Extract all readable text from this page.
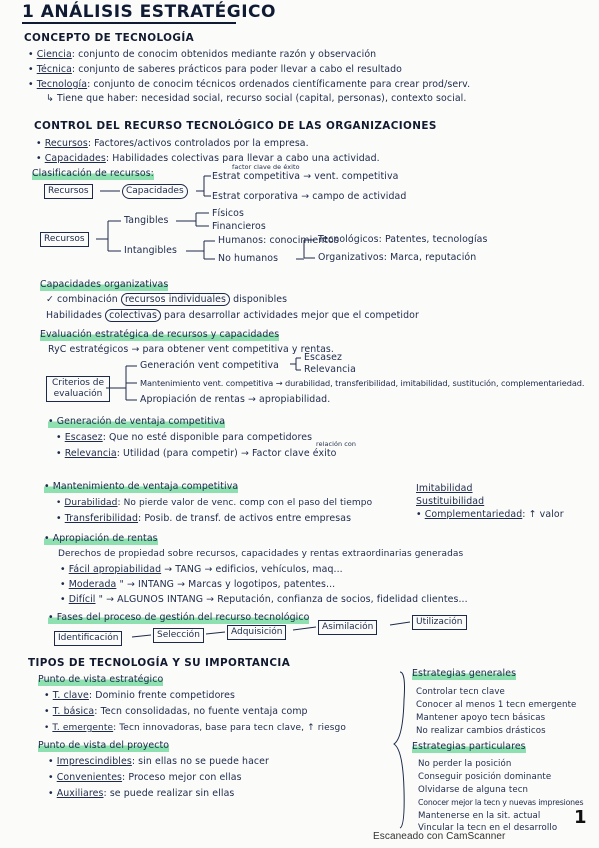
1 ANÁLISIS ESTRATÉGICO
CONCEPTO DE TECNOLOGÍA
• Ciencia: conjunto de conocim obtenidos mediante razón y observación
• Técnica: conjunto de saberes prácticos para poder llevar a cabo el resultado
• Tecnología: conjunto de conocim técnicos ordenados científicamente para crear prod/serv.
↳ Tiene que haber: necesidad social, recurso social (capital, personas), contexto social.
CONTROL DEL RECURSO TECNOLÓGICO DE LAS ORGANIZACIONES
• Recursos: Factores/activos controlados por la empresa.
• Capacidades: Habilidades colectivas para llevar a cabo una actividad.
Clasificación de recursos:
Recursos	Capacidades
factor clave de éxito
Estrat competitiva → vent. competitiva
Estrat corporativa → campo de actividad
Recursos
Tangibles
Físicos
Financieros
Intangibles
Humanos: conocimientos
No humanos
Tecnológicos: Patentes, tecnologías
Organizativos: Marca, reputación
Capacidades organizativas
✓ combinación recursos individuales disponibles
Habilidades colectivas para desarrollar actividades mejor que el competidor
Evaluación estratégica de recursos y capacidades
RyC estratégicos → para obtener vent competitiva y rentas.
Criterios de evaluación
Generación vent competitiva
Escasez
Relevancia
Mantenimiento vent. competitiva → durabilidad, transferibilidad, imitabilidad, sustitución, complementariedad.
Apropiación de rentas → apropiabilidad.
• Generación de ventaja competitiva
• Escasez: Que no esté disponible para competidores
relación con
• Relevancia: Utilidad (para competir) → Factor clave éxito
• Mantenimiento de ventaja competitiva
• Durabilidad: No pierde valor de venc. comp con el paso del tiempo
• Transferibilidad: Posib. de transf. de activos entre empresas
Imitabilidad
Sustituibilidad
• Complementariedad: ↑ valor
• Apropiación de rentas
Derechos de propiedad sobre recursos, capacidades y rentas extraordinarias generadas
• Fácil apropiabilidad → TANG → edificios, vehículos, maq...
• Moderada " → INTANG → Marcas y logotipos, patentes...
• Difícil " → ALGUNOS INTANG → Reputación, confianza de socios, fidelidad clientes...
• Fases del proceso de gestión del recurso tecnológico
Identificación	Selección	Adquisición	Asimilación	Utilización
TIPOS DE TECNOLOGÍA Y SU IMPORTANCIA
Punto de vista estratégico
• T. clave: Dominio frente competidores
• T. básica: Tecn consolidadas, no fuente ventaja comp
• T. emergente: Tecn innovadoras, base para tecn clave, ↑ riesgo
Punto de vista del proyecto
• Imprescindibles: sin ellas no se puede hacer
• Convenientes: Proceso mejor con ellas
• Auxiliares: se puede realizar sin ellas
Estrategias generales
Controlar tecn clave
Conocer al menos 1 tecn emergente
Mantener apoyo tecn básicas
No realizar cambios drásticos
Estrategias particulares
No perder la posición
Conseguir posición dominante
Olvidarse de alguna tecn
Conocer mejor la tecn y nuevas impresiones
Mantenerse en la sit. actual
Vincular la tecn en el desarrollo
Escaneado con CamScanner
1
